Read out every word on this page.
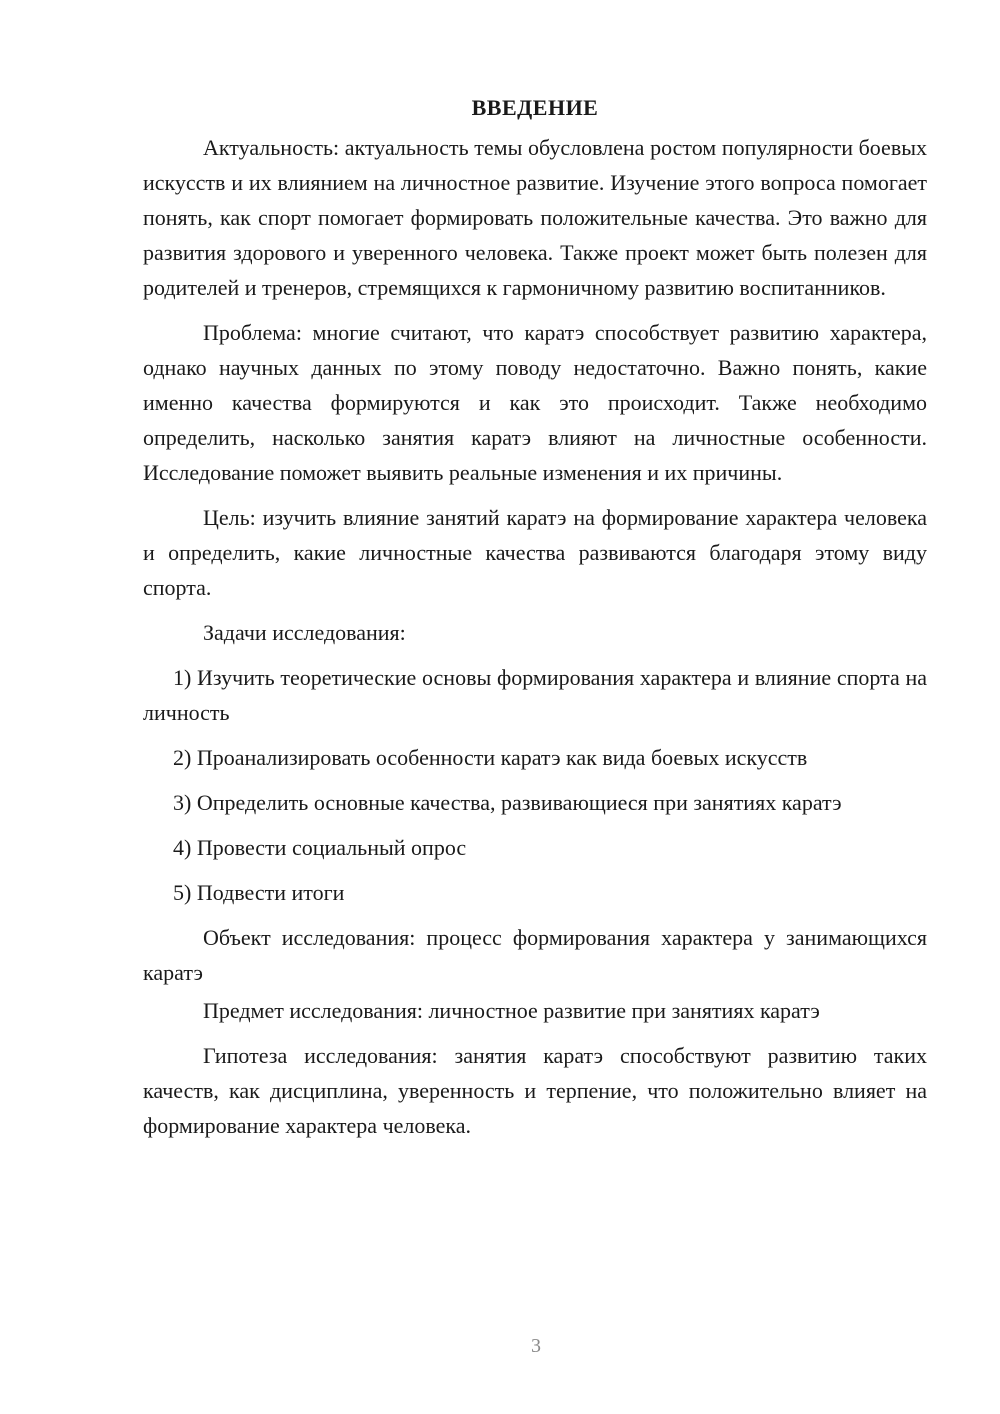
ВВЕДЕНИЕ

Актуальность: актуальность темы обусловлена ростом популярности боевых искусств и их влиянием на личностное развитие. Изучение этого вопроса помогает понять, как спорт помогает формировать положительные качества. Это важно для развития здорового и уверенного человека. Также проект может быть полезен для родителей и тренеров, стремящихся к гармоничному развитию воспитанников.

Проблема: многие считают, что каратэ способствует развитию характера, однако научных данных по этому поводу недостаточно. Важно понять, какие именно качества формируются и как это происходит. Также необходимо определить, насколько занятия каратэ влияют на личностные особенности. Исследование поможет выявить реальные изменения и их причины.

Цель: изучить влияние занятий каратэ на формирование характера человека и определить, какие личностные качества развиваются благодаря этому виду спорта.

Задачи исследования:

1) Изучить теоретические основы формирования характера и влияние спорта на личность

2) Проанализировать особенности каратэ как вида боевых искусств

3) Определить основные качества, развивающиеся при занятиях каратэ

4) Провести социальный опрос

5) Подвести итоги

Объект исследования: процесс формирования характера у занимающихся каратэ

Предмет исследования: личностное развитие при занятиях каратэ

Гипотеза исследования: занятия каратэ способствуют развитию таких качеств, как дисциплина, уверенность и терпение, что положительно влияет на формирование характера человека.

3
